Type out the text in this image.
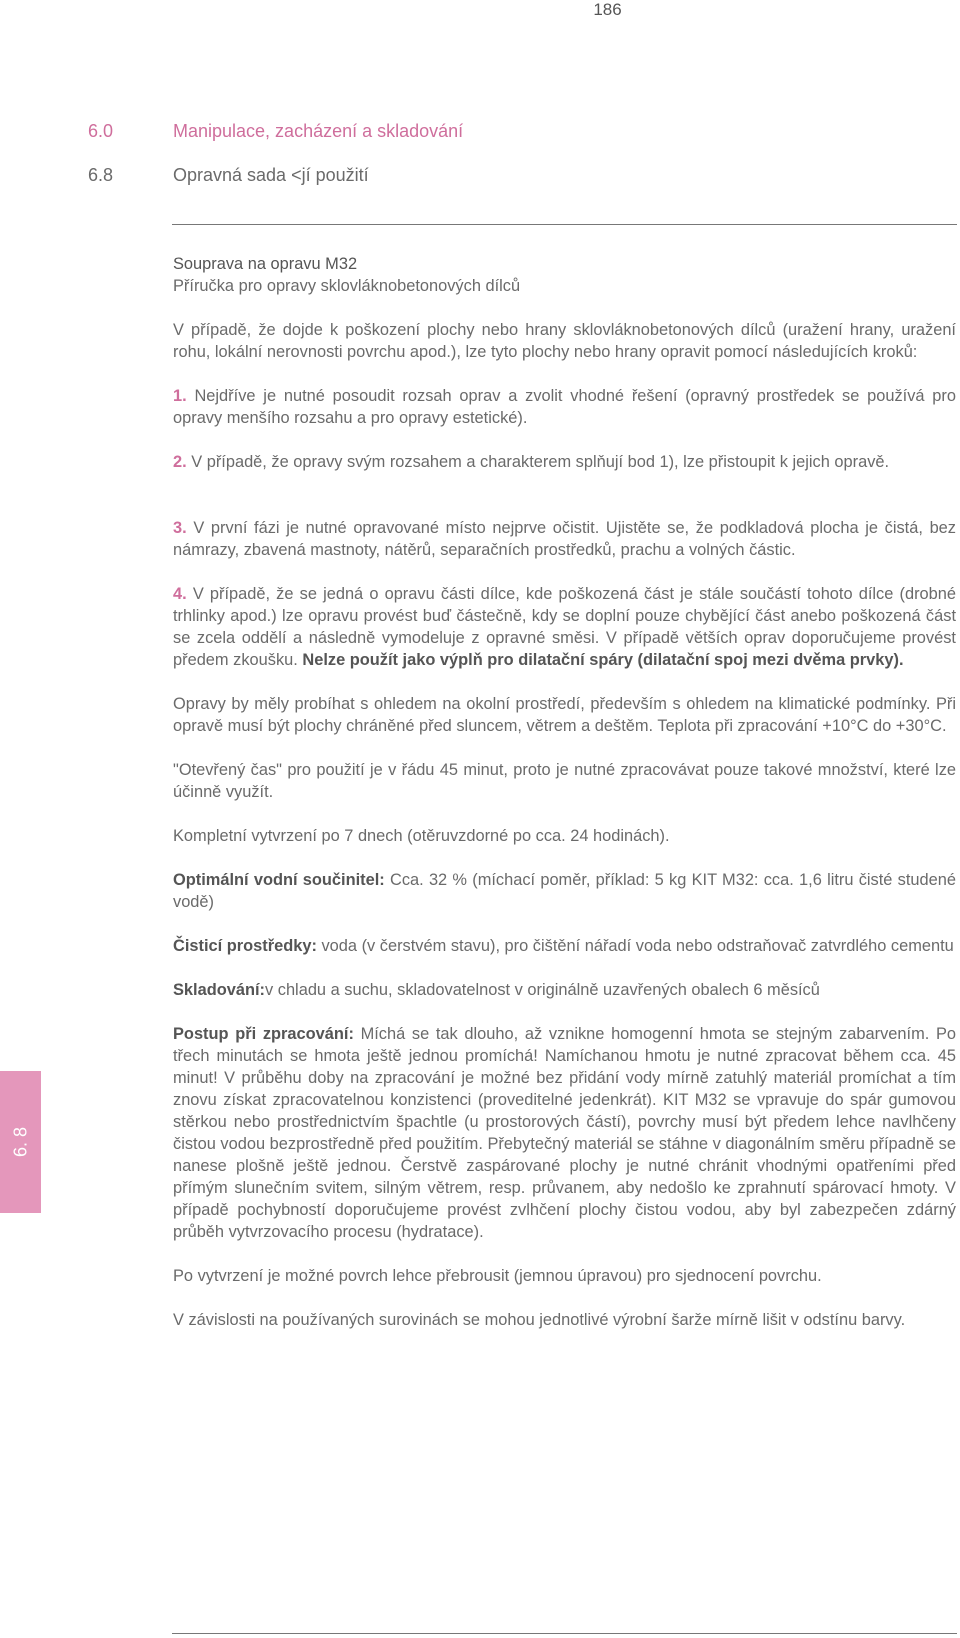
186
6.0	Manipulace, zacházení a skladování
6.8	Opravná sada <jí použití
Souprava na opravu M32
Příručka pro opravy sklovláknobetonových dílců

V případě, že dojde k poškození plochy nebo hrany sklovláknobetonových dílců (uražení hrany, uražení rohu, lokální nerovnosti povrchu apod.), lze tyto plochy nebo hrany opravit pomocí následujících kroků:

1. Nejdříve je nutné posoudit rozsah oprav a zvolit vhodné řešení (opravný prostředek se používá pro opravy menšího rozsahu a pro opravy estetické).

2. V případě, že opravy svým rozsahem a charakterem splňují bod 1), lze přistoupit k jejich opravě.

3. V první fázi je nutné opravované místo nejprve očistit. Ujistěte se, že podkladová plocha je čistá, bez námrazy, zbavená mastnoty, nátěrů, separačních prostředků, prachu a volných částic.

4. V případě, že se jedná o opravu části dílce, kde poškozená část je stále součástí tohoto dílce (drobné trhlinky apod.) lze opravu provést buď částečně, kdy se doplní pouze chybějící část anebo poškozená část se zcela oddělí a následně vymodeluje z opravné směsi. V případě větších oprav doporučujeme provést předem zkoušku. Nelze použít jako výplň pro dilatační spáry (dilatační spoj mezi dvěma prvky).

Opravy by měly probíhat s ohledem na okolní prostředí, především s ohledem na klimatické podmínky. Při opravě musí být plochy chráněné před sluncem, větrem a deštěm. Teplota při zpracování +10°C do +30°C.

"Otevřený čas" pro použití je v řádu 45 minut, proto je nutné zpracovávat pouze takové množství, které lze účinně využít.

Kompletní vytvrzení po 7 dnech (otěruvzdorné po cca. 24 hodinách).

Optimální vodní součinitel: Cca. 32 % (míchací poměr, příklad: 5 kg KIT M32: cca. 1,6 litru čisté studené vodě)

Čisticí prostředky: voda (v čerstvém stavu), pro čištění nářadí voda nebo odstraňovač zatvrdlého cementu

Skladování:v chladu a suchu, skladovatelnost v originálně uzavřených obalech 6 měsíců

Postup při zpracování: Míchá se tak dlouho, až vznikne homogenní hmota se stejným zabarvením. Po třech minutách se hmota ještě jednou promíchá! Namíchanou hmotu je nutné zpracovat během cca. 45 minut! V průběhu doby na zpracování je možné bez přidání vody mírně zatuhlý materiál promíchat a tím znovu získat zpracovatelnou konzistenci (proveditelné jedenkrát). KIT M32 se vpravuje do spár gumovou stěrkou nebo prostřednictvím špachtle (u prostorových částí), povrchy musí být předem lehce navlhčeny čistou vodou bezprostředně před použitím. Přebytečný materiál se stáhne v diagonálním směru případně se nanese plošně ještě jednou. Čerstvě zaspárované plochy je nutné chránit vhodnými opatřeními před přímým slunečním svitem, silným větrem, resp. průvanem, aby nedošlo ke zprahnutí spárovací hmoty. V případě pochybností doporučujeme provést zvlhčení plochy čistou vodou, aby byl zabezpečen zdárný průběh vytvrzovacího procesu (hydratace).

Po vytvrzení je možné povrch lehce přebrousit (jemnou úpravou) pro sjednocení povrchu.

V závislosti na používaných surovinách se mohou jednotlivé výrobní šarže mírně lišit v odstínu barvy.

6. 8
